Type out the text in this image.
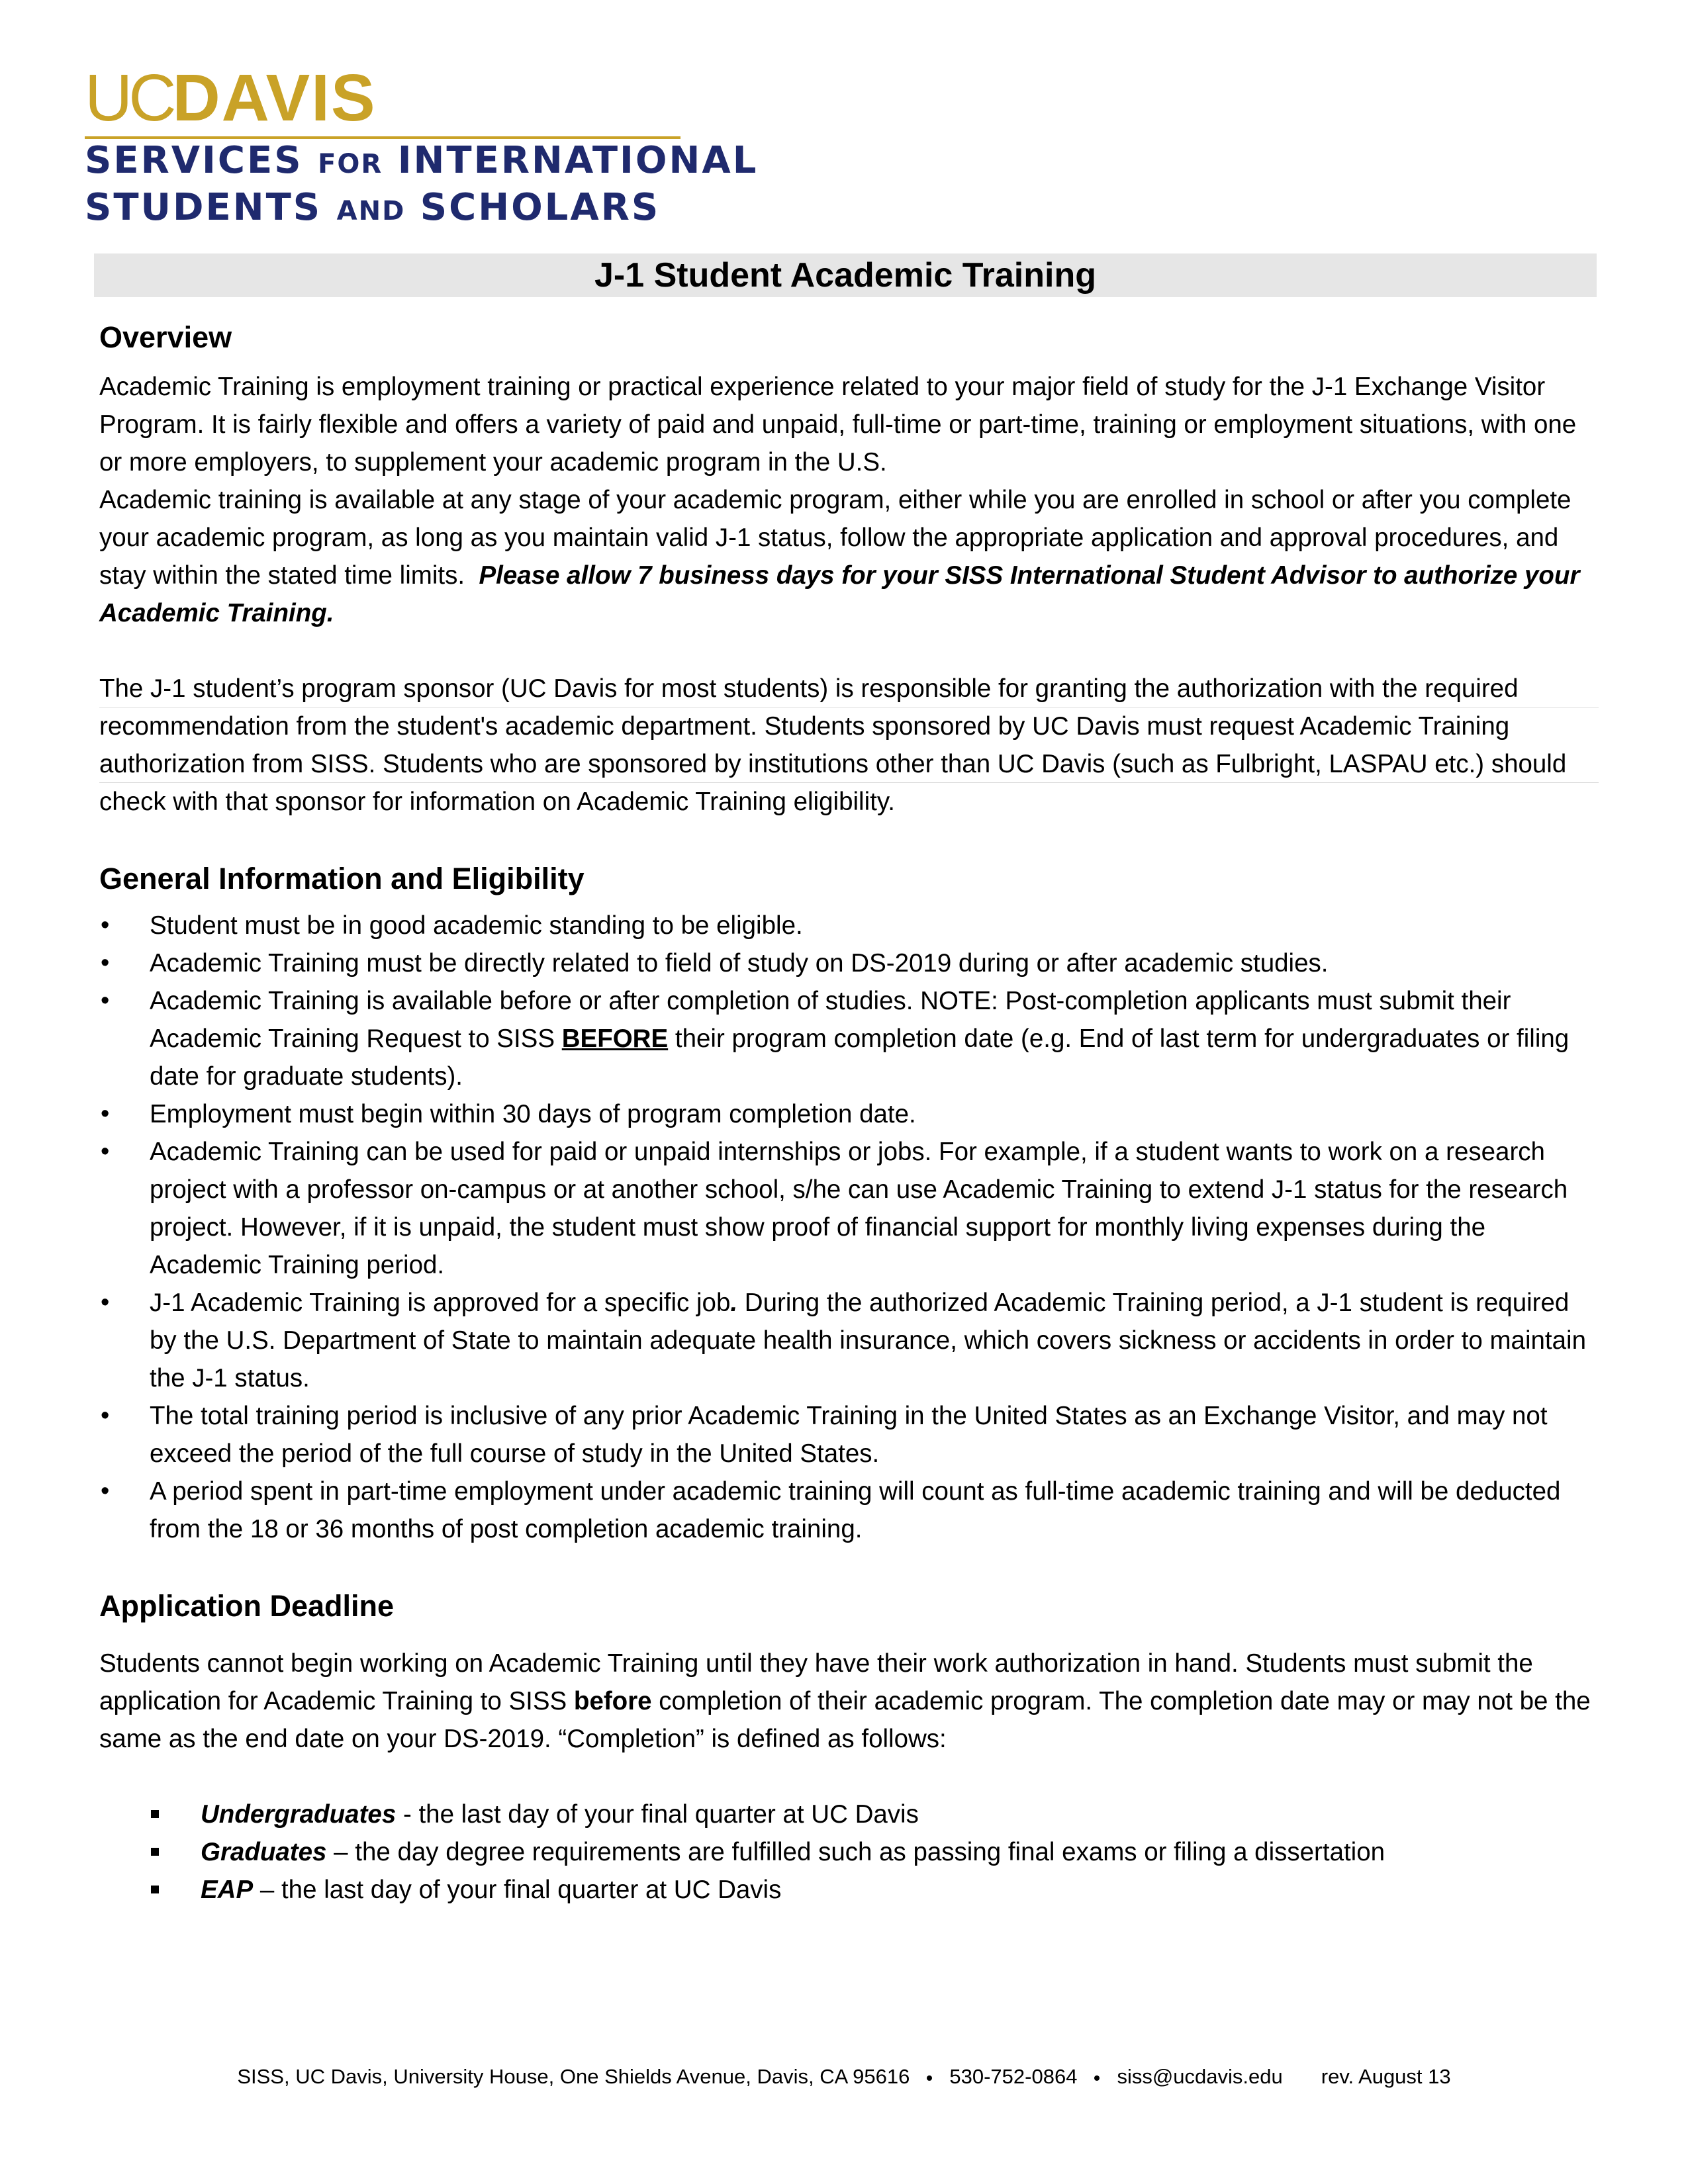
UCDAVIS
SERVICES FOR INTERNATIONAL
STUDENTS AND SCHOLARS
J-1 Student Academic Training
Overview

Academic Training is employment training or practical experience related to your major field of study for the J-1 Exchange Visitor Program. It is fairly flexible and offers a variety of paid and unpaid, full-time or part-time, training or employment situations, with one or more employers, to supplement your academic program in the U.S.

Academic training is available at any stage of your academic program, either while you are enrolled in school or after you complete your academic program, as long as you maintain valid J-1 status, follow the appropriate application and approval procedures, and stay within the stated time limits. Please allow 7 business days for your SISS International Student Advisor to authorize your Academic Training.

The J-1 student’s program sponsor (UC Davis for most students) is responsible for granting the authorization with the required recommendation from the student's academic department. Students sponsored by UC Davis must request Academic Training authorization from SISS. Students who are sponsored by institutions other than UC Davis (such as Fulbright, LASPAU etc.) should check with that sponsor for information on Academic Training eligibility.

General Information and Eligibility
• Student must be in good academic standing to be eligible.
• Academic Training must be directly related to field of study on DS-2019 during or after academic studies.
• Academic Training is available before or after completion of studies. NOTE: Post-completion applicants must submit their Academic Training Request to SISS BEFORE their program completion date (e.g. End of last term for undergraduates or filing date for graduate students).
• Employment must begin within 30 days of program completion date.
• Academic Training can be used for paid or unpaid internships or jobs. For example, if a student wants to work on a research project with a professor on-campus or at another school, s/he can use Academic Training to extend J-1 status for the research project. However, if it is unpaid, the student must show proof of financial support for monthly living expenses during the Academic Training period.
• J-1 Academic Training is approved for a specific job. During the authorized Academic Training period, a J-1 student is required by the U.S. Department of State to maintain adequate health insurance, which covers sickness or accidents in order to maintain the J-1 status.
• The total training period is inclusive of any prior Academic Training in the United States as an Exchange Visitor, and may not exceed the period of the full course of study in the United States.
• A period spent in part-time employment under academic training will count as full-time academic training and will be deducted from the 18 or 36 months of post completion academic training.
Application Deadline

Students cannot begin working on Academic Training until they have their work authorization in hand. Students must submit the application for Academic Training to SISS before completion of their academic program. The completion date may or may not be the same as the end date on your DS-2019. “Completion” is defined as follows:

Undergraduates - the last day of your final quarter at UC Davis
Graduates – the day degree requirements are fulfilled such as passing final exams or filing a dissertation
EAP – the last day of your final quarter at UC Davis
SISS, UC Davis, University House, One Shields Avenue, Davis, CA 95616 530-752-0864 siss@ucdavis.edu rev. August 13
